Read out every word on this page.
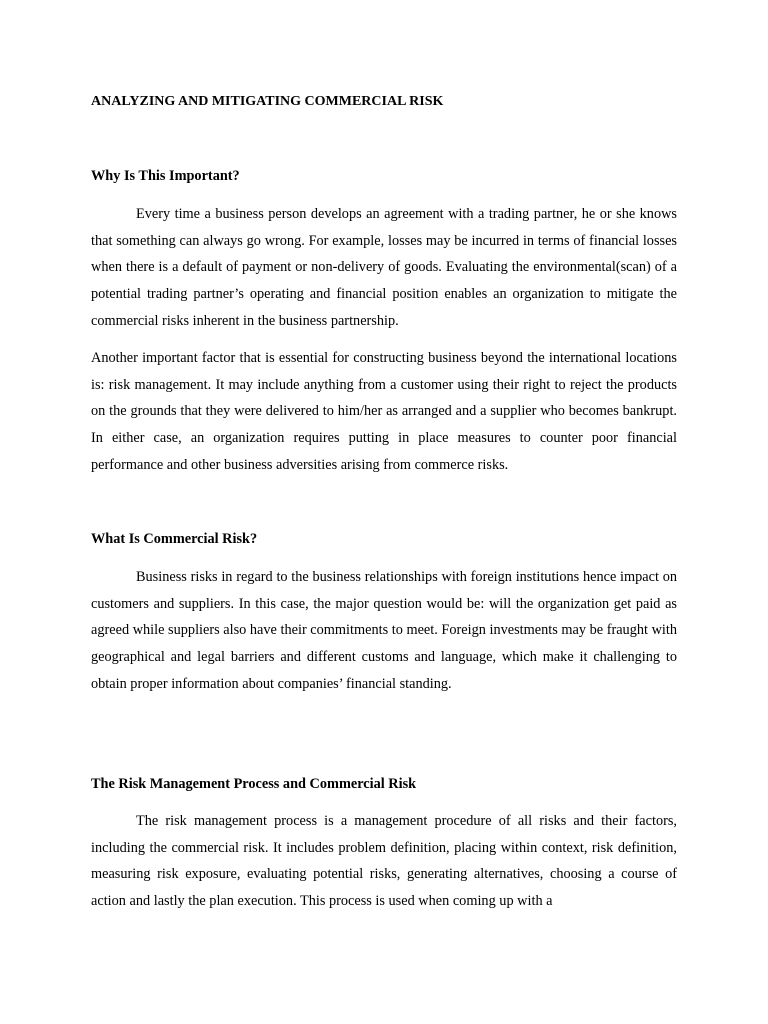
ANALYZING AND MITIGATING COMMERCIAL RISK
Why Is This Important?

Every time a business person develops an agreement with a trading partner, he or she knows that something can always go wrong. For example, losses may be incurred in terms of financial losses when there is a default of payment or non-delivery of goods. Evaluating the environmental(scan) of a potential trading partner’s operating and financial position enables an organization to mitigate the commercial risks inherent in the business partnership.

Another important factor that is essential for constructing business beyond the international locations is: risk management. It may include anything from a customer using their right to reject the products on the grounds that they were delivered to him/her as arranged and a supplier who becomes bankrupt. In either case, an organization requires putting in place measures to counter poor financial performance and other business adversities arising from commerce risks.

What Is Commercial Risk?

Business risks in regard to the business relationships with foreign institutions hence impact on customers and suppliers. In this case, the major question would be: will the organization get paid as agreed while suppliers also have their commitments to meet. Foreign investments may be fraught with geographical and legal barriers and different customs and language, which make it challenging to obtain proper information about companies’ financial standing.

The Risk Management Process and Commercial Risk

The risk management process is a management procedure of all risks and their factors, including the commercial risk. It includes problem definition, placing within context, risk definition, measuring risk exposure, evaluating potential risks, generating alternatives, choosing a course of action and lastly the plan execution. This process is used when coming up with a
